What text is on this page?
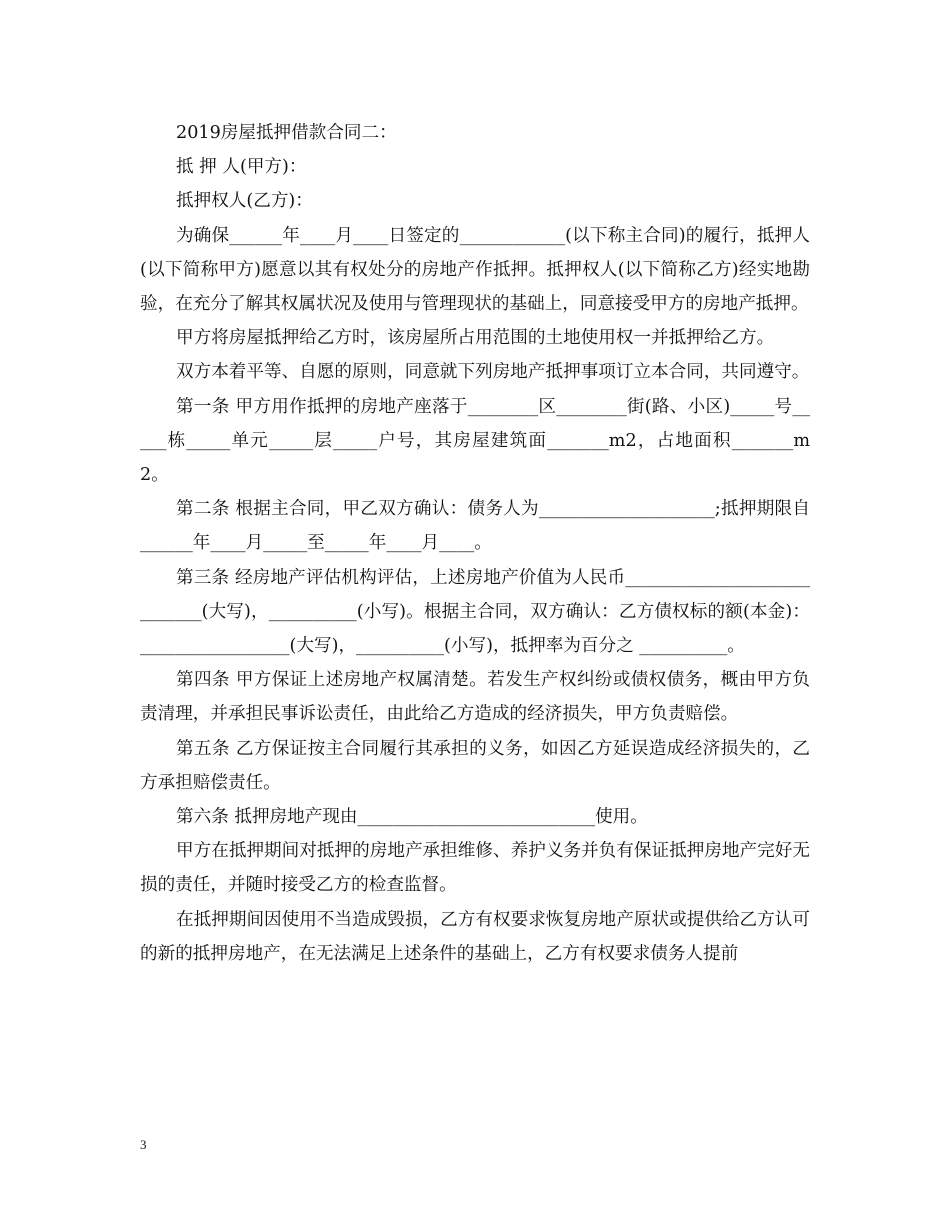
2019房屋抵押借款合同二：

抵 押 人(甲方)：

抵押权人(乙方)：

为确保______年____月____日签定的____________(以下称主合同)的履行，抵押人(以下简称甲方)愿意以其有权处分的房地产作抵押。抵押权人(以下简称乙方)经实地勘验，在充分了解其权属状况及使用与管理现状的基础上，同意接受甲方的房地产抵押。

甲方将房屋抵押给乙方时，该房屋所占用范围的土地使用权一并抵押给乙方。

双方本着平等、自愿的原则，同意就下列房地产抵押事项订立本合同，共同遵守。

第一条 甲方用作抵押的房地产座落于________区________街(路、小区)_____号_____栋_____单元_____层_____户号，其房屋建筑面_______m2，占地面积_______m2。

第二条 根据主合同，甲乙双方确认：债务人为____________________;抵押期限自______年____月_____至_____年____月____。

第三条 经房地产评估机构评估，上述房地产价值为人民币____________________________(大写)，__________(小写)。根据主合同，双方确认：乙方债权标的额(本金)：_________________(大写)，__________(小写)，抵押率为百分之 __________。

第四条 甲方保证上述房地产权属清楚。若发生产权纠纷或债权债务，概由甲方负责清理，并承担民事诉讼责任，由此给乙方造成的经济损失，甲方负责赔偿。

第五条 乙方保证按主合同履行其承担的义务，如因乙方延误造成经济损失的，乙方承担赔偿责任。

第六条 抵押房地产现由___________________________使用。

甲方在抵押期间对抵押的房地产承担维修、养护义务并负有保证抵押房地产完好无损的责任，并随时接受乙方的检查监督。

在抵押期间因使用不当造成毁损，乙方有权要求恢复房地产原状或提供给乙方认可的新的抵押房地产，在无法满足上述条件的基础上，乙方有权要求债务人提前

3
